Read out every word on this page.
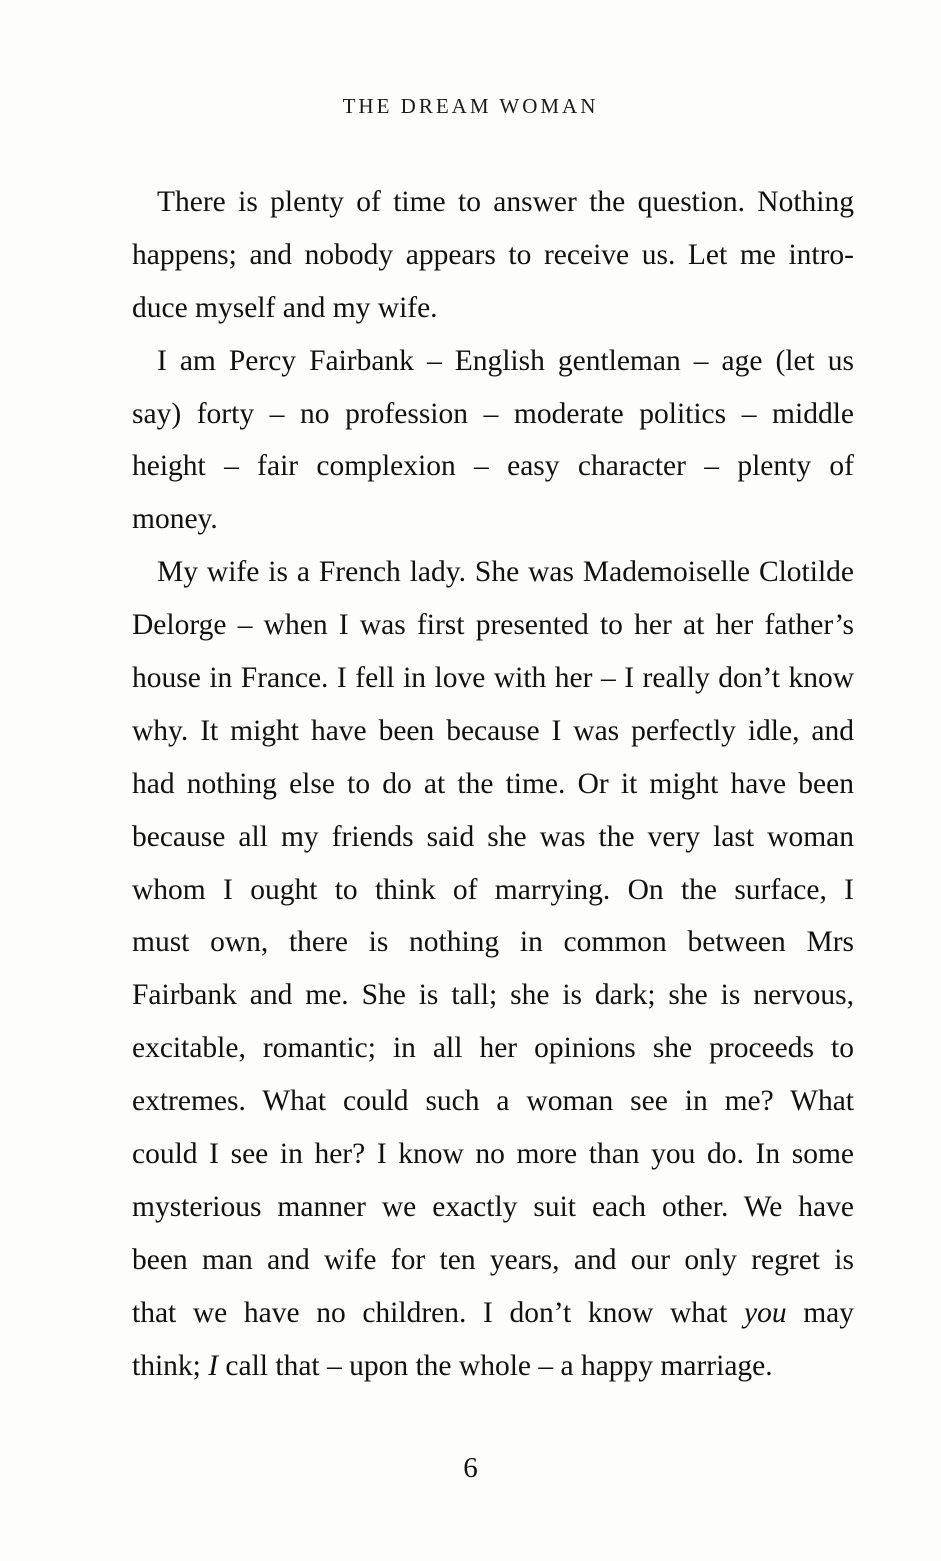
THE DREAM WOMAN
There is plenty of time to answer the question. Nothing
happens; and nobody appears to receive us. Let me intro-
duce myself and my wife.
I am Percy Fairbank – English gentleman – age (let us
say) forty – no profession – moderate politics – middle
height – fair complexion – easy character – plenty of
money.
My wife is a French lady. She was Mademoiselle Clotilde
Delorge – when I was first presented to her at her father’s
house in France. I fell in love with her – I really don’t know
why. It might have been because I was perfectly idle, and
had nothing else to do at the time. Or it might have been
because all my friends said she was the very last woman
whom I ought to think of marrying. On the surface, I
must own, there is nothing in common between Mrs
Fairbank and me. She is tall; she is dark; she is nervous,
excitable, romantic; in all her opinions she proceeds to
extremes. What could such a woman see in me? What
could I see in her? I know no more than you do. In some
mysterious manner we exactly suit each other. We have
been man and wife for ten years, and our only regret is
that we have no children. I don’t know what you may
think; I call that – upon the whole – a happy marriage.
6
